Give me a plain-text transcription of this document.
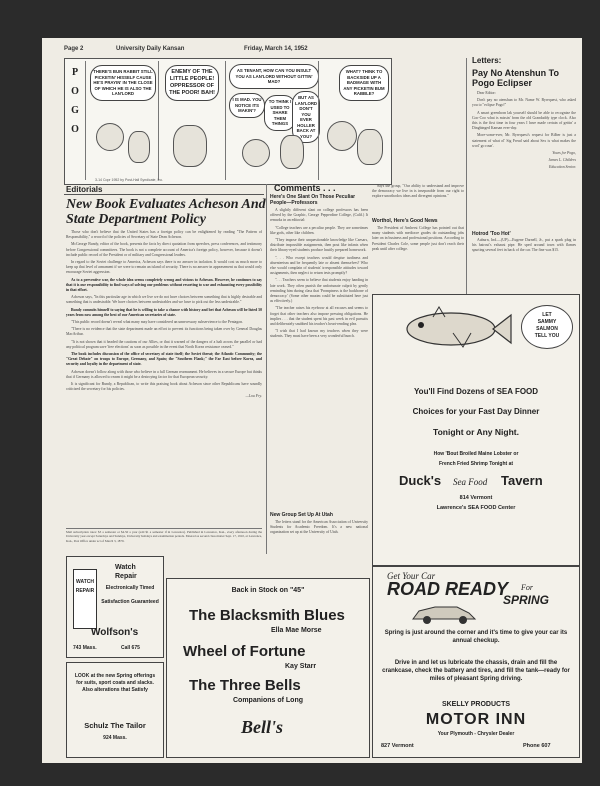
Page 2	University Daily Kansan	Friday, March 14, 1952
P
O
G
O
THERE'S BUN RABBIT STILL PICKETIN' HISSELF CAUSE HE'S PRAYIN' IN THE CLOSE OF WHICH HE IS ALSO THE LAN'LORD
ENEMY OF THE LITTLE PEOPLE! OPPRESSOR OF THE POOR! BAH!
AS TENANT, HOW CAN YOU INSULT YOU AS LAN'LORD WITHOUT GITTIN' MAD?
I IS MAD. YOU NOTICE ITS MAKIN'?
TO THINK I USED TO SHARE THEM THINGS
BUT AS LAN'LORD DON'T YOU EVER HOLLER BACK AT YOU?
WHAT? THINK TO BACKSIDE UP A BADMAGE WITH ANY PICKETIN BUM RABBLE?
3-14 Copr 1952 by Post-Hall Syndicate, Inc.
Editorials
New Book Evaluates Acheson And State Department Policy

Those who don't believe that the United States has a foreign policy can be enlightened by reading "The Pattern of Responsibility," a record of the policies of Secretary of State Dean Acheson.

McGeorge Bundy, editor of the book, presents the facts by direct quotation from speeches, press conferences, and testimony before Congressional committees. The book is not a complete account of America's foreign policy, however, because it doesn't include public record of the President or of military and Congressional leaders.

In regard to the Soviet challenge to America, Acheson says there is no answer in isolation. It would cost us much more to keep up that level of armament if we were to remain an island of security. There is no answer in appeasement as that would only encourage Soviet aggression.

As to a preventive war, the whole idea seems completely wrong and vicious to Acheson. However, he continues to say that it is our responsibility to find ways of solving our problems without resorting to war and exhausting every possibility in that effort.

Acheson says, "In this particular age in which we live we do not have choices between something that is highly desirable and something that is undesirable. We have choices between undesirables and we have to pick out the less undesirable."

Bundy commits himself to saying that he is willing to take a chance with history and bet that Acheson will be listed 50 years from now among the best of our American secretaries of state.

"This public record doesn't reveal what many may have considered an unnecessary subservience to the Pentagon.

"There is no evidence that the state department made an effort to prevent its functions being taken over by General Douglas MacArthur.

"It is not shown that it headed the cautions of our Allies, or that it warned of the dangers of a halt across the parallel or had any political program save 'free elections' as soon as possible in the event that North Korea resistance ceased."

The book includes discussion of the office of secretary of state itself; the Soviet threat; the Atlantic Community; the "Great Debate" on troops to Europe, Germany, and Spain; the "Southern Flank;" the Far East before Korea, and security and loyalty in the department of state.

Acheson doesn't follow along with those who believe in a full German rearmament. He believes in a secure Europe but thinks that if Germany is allowed to rearm it might be a destroying factor for that European security.

It is significant for Bundy, a Republican, to write this praising book about Acheson since other Republicans have soundly criticized the secretary for his policies.

—Lou Fry.

Mail subscription rates: $3 a semester or $4.50 a year (add $1 a semester if in Lawrence). Published in Lawrence, Kan., every afternoon during the University year except Saturdays and Sundays, University holidays and examination periods. Entered as second class matter Sept. 17, 1910, at Lawrence, Kan., Post Office under act of March 3, 1879.
Comments . . .
Here's One Slant On Those Peculiar People—Professors

A slightly different slant on college professors has been offered by the Graphic, George Pepperdine College, (Calif.) It remarks in an editorial:

"College teachers are a peculiar people. They are sometimes like gods, other like children.

"They impose their unquestionable knowledge like Caesars, distribute impossible assignments, then pout like infants when their library-eyed students produce hastily prepared homework.

". . . Who except teachers would despise tardiness and absenteeism and be frequently late or absent themselves? Who else would complain of students' irresponsible attitudes toward assignments, then neglect to return tests promptly?

". . . Teachers seem to believe that students enjoy handing in late work. They often punish the unfortunate culprit by gently reminding him during class that 'Promptness is the backbone of democracy.' (Some other maxim could be substituted here just as effectively.)

"The teacher raises his eyebrow at all excuses and seems to forget that other teachers also impose pressing obligations. He implies . . . that the student spent his past week in evil pursuits and deliberately snubbed his teacher's heart-rending plea.

"I wish that I had known my teachers when they were students. They must have been a very wonderful bunch.

New Group Set Up At Utah

The letters stand for the American Association of University Students for Academic Freedom. It's a new national organization set up at the University of Utah.

Says the group, "Our ability to understand and improve the democracy we live in is inseparable from our right to explore unorthodox ideas and divergent opinions."

Worthol, Here's Good News

The President of Amherst College has pointed out that many students with mediocre grades do outstanding jobs later on in business and professional positions. According to President Charles Cole, some people just don't reach their peak until after college.

Letters:
Pay No Atenshun To Pogo Eclipser

Dear Editor:

Don't pay no atenshun to Mr. Name W. Byrequest, who asked you to "eclipse Pogo!"

A smart greenhorn lak yourself should be able to recognize the Coo-Coo what is missin' from the old Grandaddy type clock. Also this is the first time in four years I have made certain of gettin' a Dingbinged Kansan ever-day.

More-some-ever, Mr. Byrequest's request for Bilber is just a statement of what ol' Sig Freud said about Sex is what makes the worl' go roun'.

Yours for Pogo,

James L. Childers

Education Senior.

Hotrod 'Too Hot'

Auburn, Ind.—(UP)—Eugene Darnell, Jr., put a spark plug in his haircut's exhaust pipe. He sped around town with flames spurting several feet in back of the car. The fine was $15.

LET
SAMMY
SALMON
TELL YOU
You'll Find Dozens of SEA FOOD
Choices for your Fast Day Dinner
Tonight or Any Night.
How 'Bout Broiled Maine Lobster or
French Fried Shrimp Tonight at
Duck's Sea Food Tavern
814 Vermont
Lawrence's SEA FOOD Center
Get Your Car
ROAD READY For
SPRING
Spring is just around the corner and it's time to give your car its annual checkup.
Drive in and let us lubricate the chassis, drain and fill the crankcase, check the battery and tires, and fill the tank—ready for miles of pleasant Spring driving.
SKELLY PRODUCTS
MOTOR INN
Your Plymouth - Chrysler Dealer
827 Vermont	Phone 607
WATCH REPAIR
Watch Repair
Electronically Timed
Satisfaction Guaranteed
Wolfson's
743 Mass.	Call 675
LOOK at the new Spring offerings for suits, sport coats and slacks. Also alterations that Satisfy
Schulz The Tailor
924 Mass.
Back in Stock on "45"
The Blacksmith Blues
Ella Mae Morse
Wheel of Fortune
Kay Starr
The Three Bells
Companions of Long
Bell's
